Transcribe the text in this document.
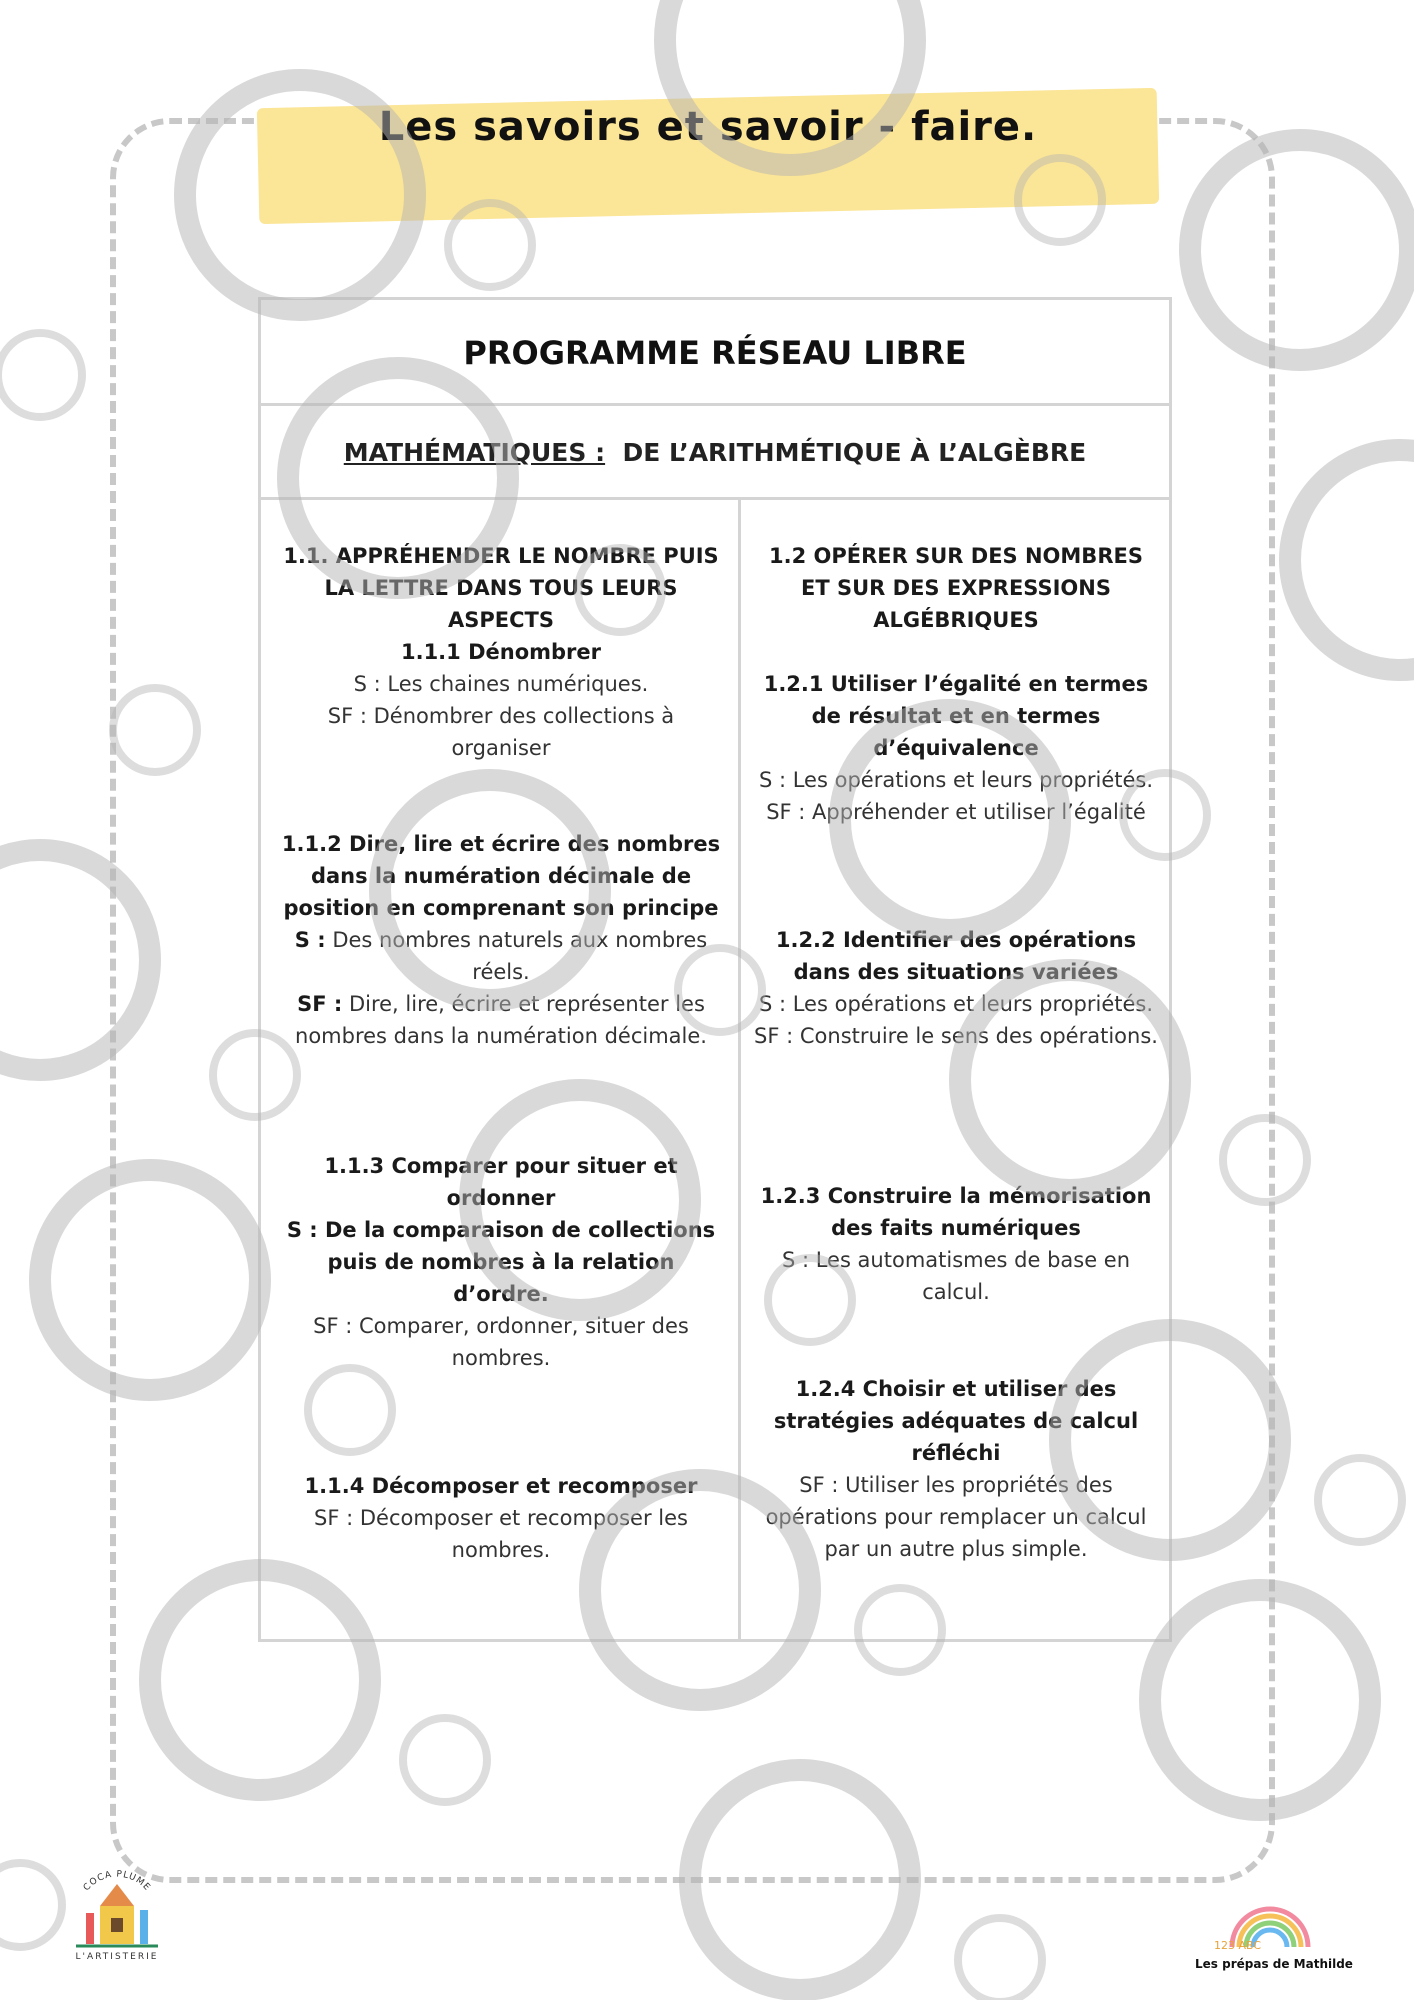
Les savoirs et savoir - faire.
PROGRAMME RÉSEAU LIBRE
MATHÉMATIQUES :  DE L’ARITHMÉTIQUE À L’ALGÈBRE
1.1. APPRÉHENDER LE NOMBRE PUIS LA LETTRE DANS TOUS LEURS ASPECTS
1.1.1 Dénombrer
S : Les chaines numériques.
SF : Dénombrer des collections à organiser
1.1.2 Dire, lire et écrire des nombres dans la numération décimale de position en comprenant son principe
S : Des nombres naturels aux nombres réels.
SF : Dire, lire, écrire et représenter les nombres dans la numération décimale.
1.1.3 Comparer pour situer et ordonner
S : De la comparaison de collections puis de nombres à la relation d’ordre.
SF : Comparer, ordonner, situer des nombres.
1.1.4 Décomposer et recomposer
SF : Décomposer et recomposer les nombres.
1.2 OPÉRER SUR DES NOMBRES ET SUR DES EXPRESSIONS ALGÉBRIQUES
1.2.1 Utiliser l’égalité en termes de résultat et en termes d’équivalence
S : Les opérations et leurs propriétés.
SF : Appréhender et utiliser l’égalité
1.2.2 Identifier des opérations dans des situations variées
S : Les opérations et leurs propriétés.
SF : Construire le sens des opérations.
1.2.3 Construire la mémorisation des faits numériques
S : Les automatismes de base en calcul.
1.2.4 Choisir et utiliser des stratégies adéquates de calcul réfléchi
SF : Utiliser les propriétés des opérations pour remplacer un calcul par un autre plus simple.
COCA PLUME
L'ARTISTERIE
123 ABC
Les prépas de Mathilde
